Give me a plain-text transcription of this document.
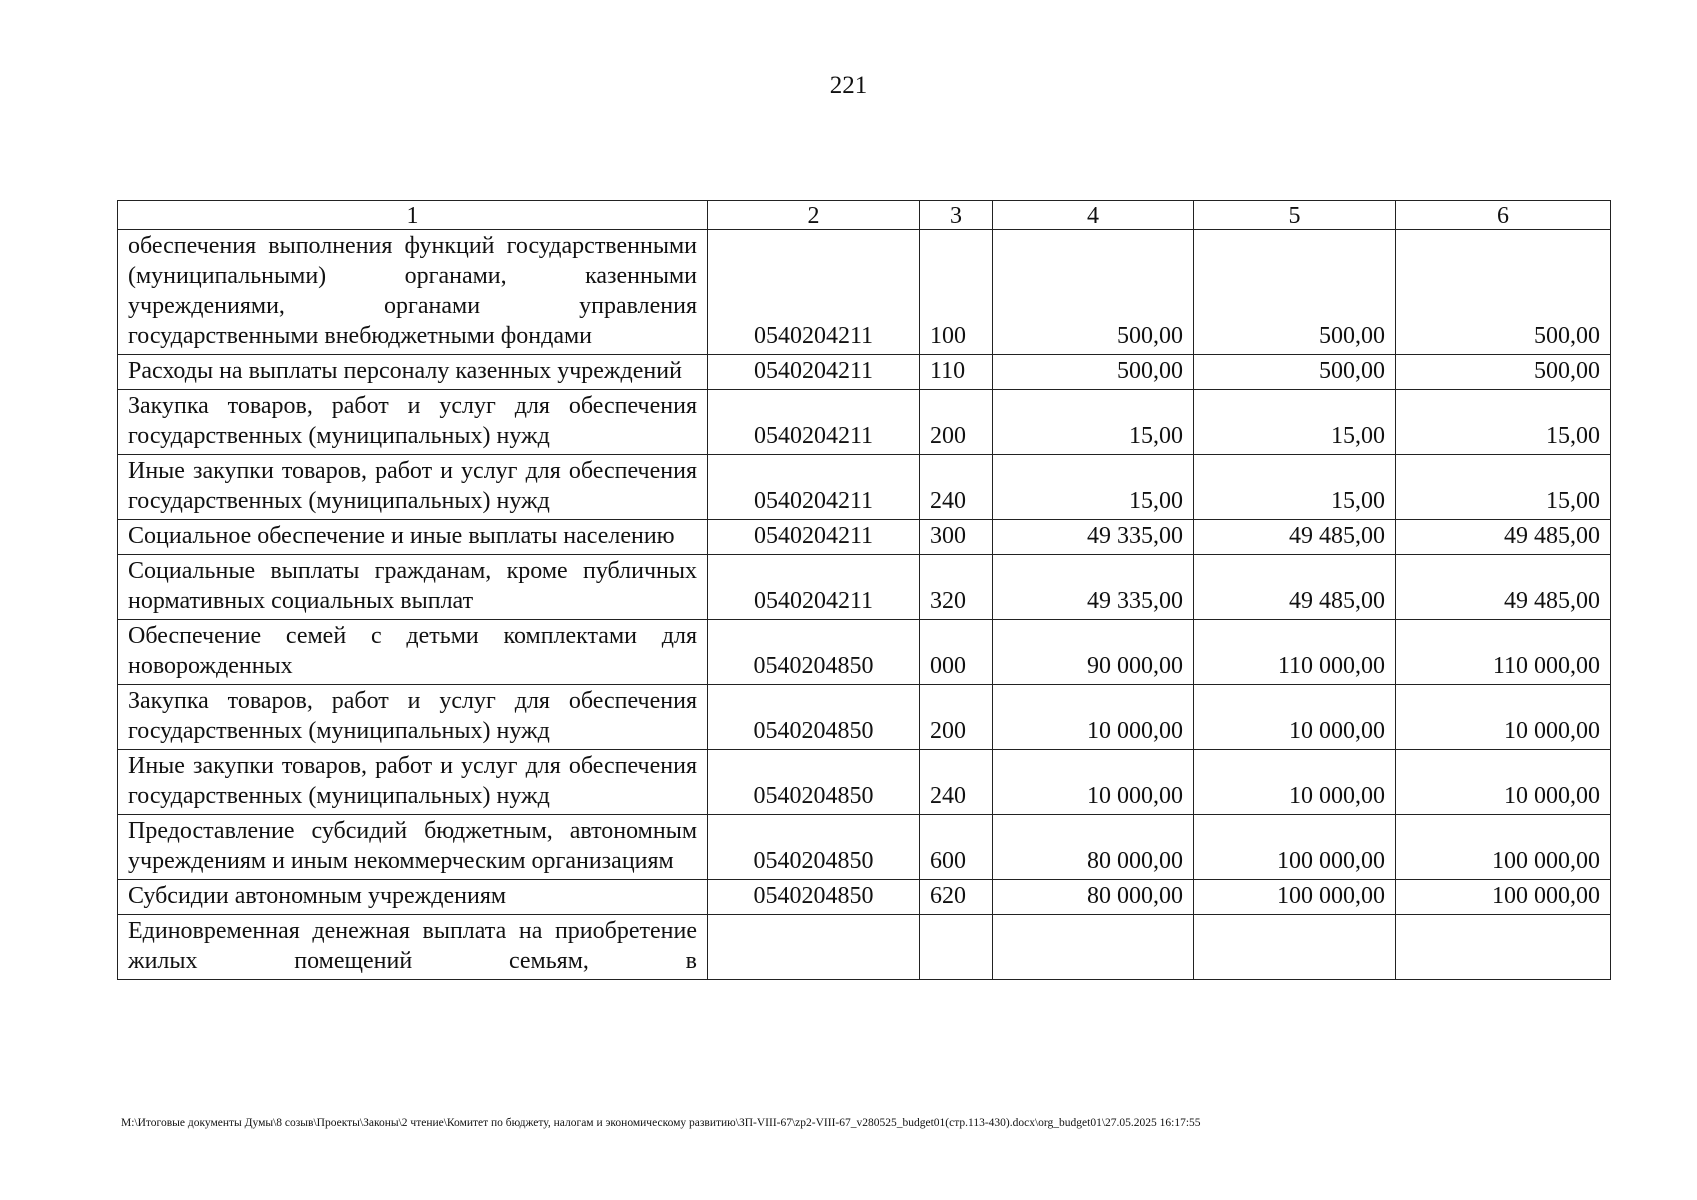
221
1	2	3	4	5	6
обеспечения выполнения функций государственными (муниципальными) органами, казенными учреждениями, органами управления государственными внебюджетными фондами	0540204211	100	500,00	500,00	500,00
Расходы на выплаты персоналу казенных учреждений	0540204211	110	500,00	500,00	500,00
Закупка товаров, работ и услуг для обеспечения государственных (муниципальных) нужд	0540204211	200	15,00	15,00	15,00
Иные закупки товаров, работ и услуг для обеспечения государственных (муниципальных) нужд	0540204211	240	15,00	15,00	15,00
Социальное обеспечение и иные выплаты населению	0540204211	300	49 335,00	49 485,00	49 485,00
Социальные выплаты гражданам, кроме публичных нормативных социальных выплат	0540204211	320	49 335,00	49 485,00	49 485,00
Обеспечение семей с детьми комплектами для новорожденных	0540204850	000	90 000,00	110 000,00	110 000,00
Закупка товаров, работ и услуг для обеспечения государственных (муниципальных) нужд	0540204850	200	10 000,00	10 000,00	10 000,00
Иные закупки товаров, работ и услуг для обеспечения государственных (муниципальных) нужд	0540204850	240	10 000,00	10 000,00	10 000,00
Предоставление субсидий бюджетным, автономным учреждениям и иным некоммерческим организациям	0540204850	600	80 000,00	100 000,00	100 000,00
Субсидии автономным учреждениям	0540204850	620	80 000,00	100 000,00	100 000,00
Единовременная денежная выплата на приобретение жилых помещений семьям, в					
М:\Итоговые документы Думы\8 созыв\Проекты\Законы\2 чтение\Комитет по бюджету, налогам и экономическому развитию\ЗП-VIII-67\zp2-VIII-67_v280525_budget01(стр.113-430).docx\org_budget01\27.05.2025 16:17:55
